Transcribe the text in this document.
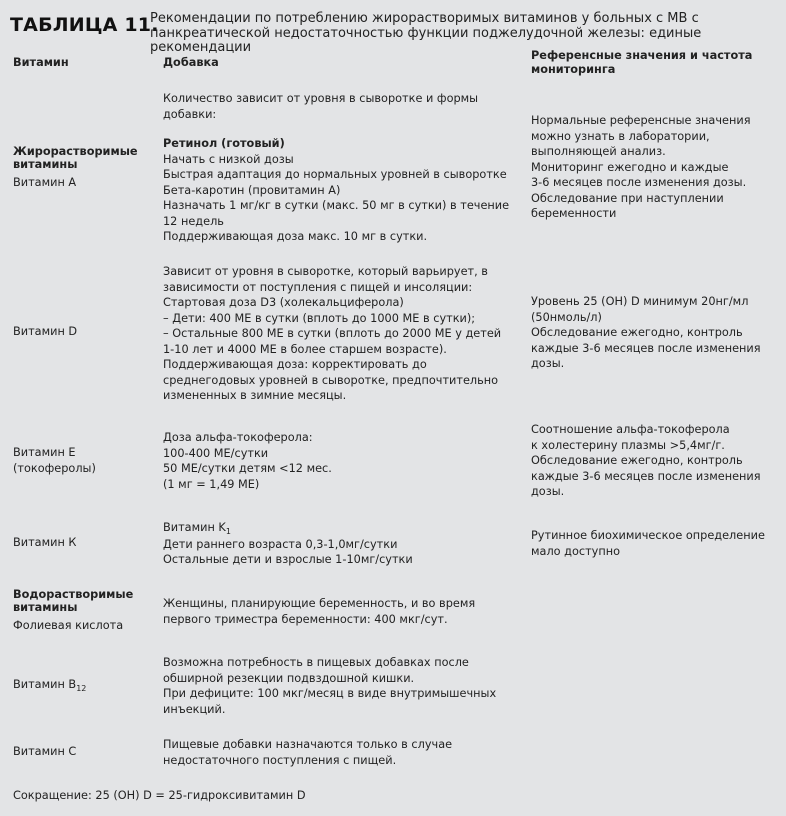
ТАБЛИЦА 11.
Рекомендации по потреблению жирорастворимых витаминов у больных с МВ с
панкреатической недостаточностью функции поджелудочной железы: единые рекомендации
Витамин	Добавка
Референсные значения и частота
мониторинга
Жирорастворимые
витамины
Витамин А
Количество зависит от уровня в сыворотке и формы
добавки:
Ретинол (готовый)
Начать с низкой дозы
Быстрая адаптация до нормальных уровней в сыворотке
Бета-каротин (провитамин А)
Назначать 1 мг/кг в сутки (макс. 50 мг в сутки) в течение
12 недель
Поддерживающая доза макс. 10 мг в сутки.
Нормальные референсные значения
можно узнать в лаборатории,
выполняющей анализ.
Мониторинг ежегодно и каждые
3-6 месяцев после изменения дозы.
Обследование при наступлении
беременности
Витамин D
Зависит от уровня в сыворотке, который варьирует, в
зависимости от поступления с пищей и инсоляции:
Стартовая доза D3 (холекальциферола)
– Дети: 400 МЕ в сутки (вплоть до 1000 МЕ в сутки);
– Остальные 800 МЕ в сутки (вплоть до 2000 МЕ у детей
1-10 лет и 4000 МЕ в более старшем возрасте).
Поддерживающая доза: корректировать до
среднегодовых уровней в сыворотке, предпочтительно
измененных в зимние месяцы.
Уровень 25 (ОН) D минимум 20нг/мл
(50нмоль/л)
Обследование ежегодно, контроль
каждые 3-6 месяцев после изменения
дозы.
Витамин Е
(токоферолы)
Доза альфа-токоферола:
100-400 МЕ/сутки
50 МЕ/сутки детям <12 мес.
(1 мг = 1,49 МЕ)
Соотношение альфа-токоферола
к холестерину плазмы >5,4мг/г.
Обследование ежегодно, контроль
каждые 3-6 месяцев после изменения
дозы.
Витамин К
Витамин $K_1$
Дети раннего возраста 0,3-1,0мг/сутки
Остальные дети и взрослые 1-10мг/сутки
Рутинное биохимическое определение
мало доступно
Водорастворимые
витамины
Фолиевая кислота
Женщины, планирующие беременность, и во время
первого триместра беременности: 400 мкг/сут.
Витамин $B_{12}$
Возможна потребность в пищевых добавках после
обширной резекции подвздошной кишки.
При дефиците: 100 мкг/месяц в виде внутримышечных
инъекций.
Витамин С
Пищевые добавки назначаются только в случае
недостаточного поступления с пищей.
Сокращение: 25 (ОН) D = 25-гидроксивитамин D
